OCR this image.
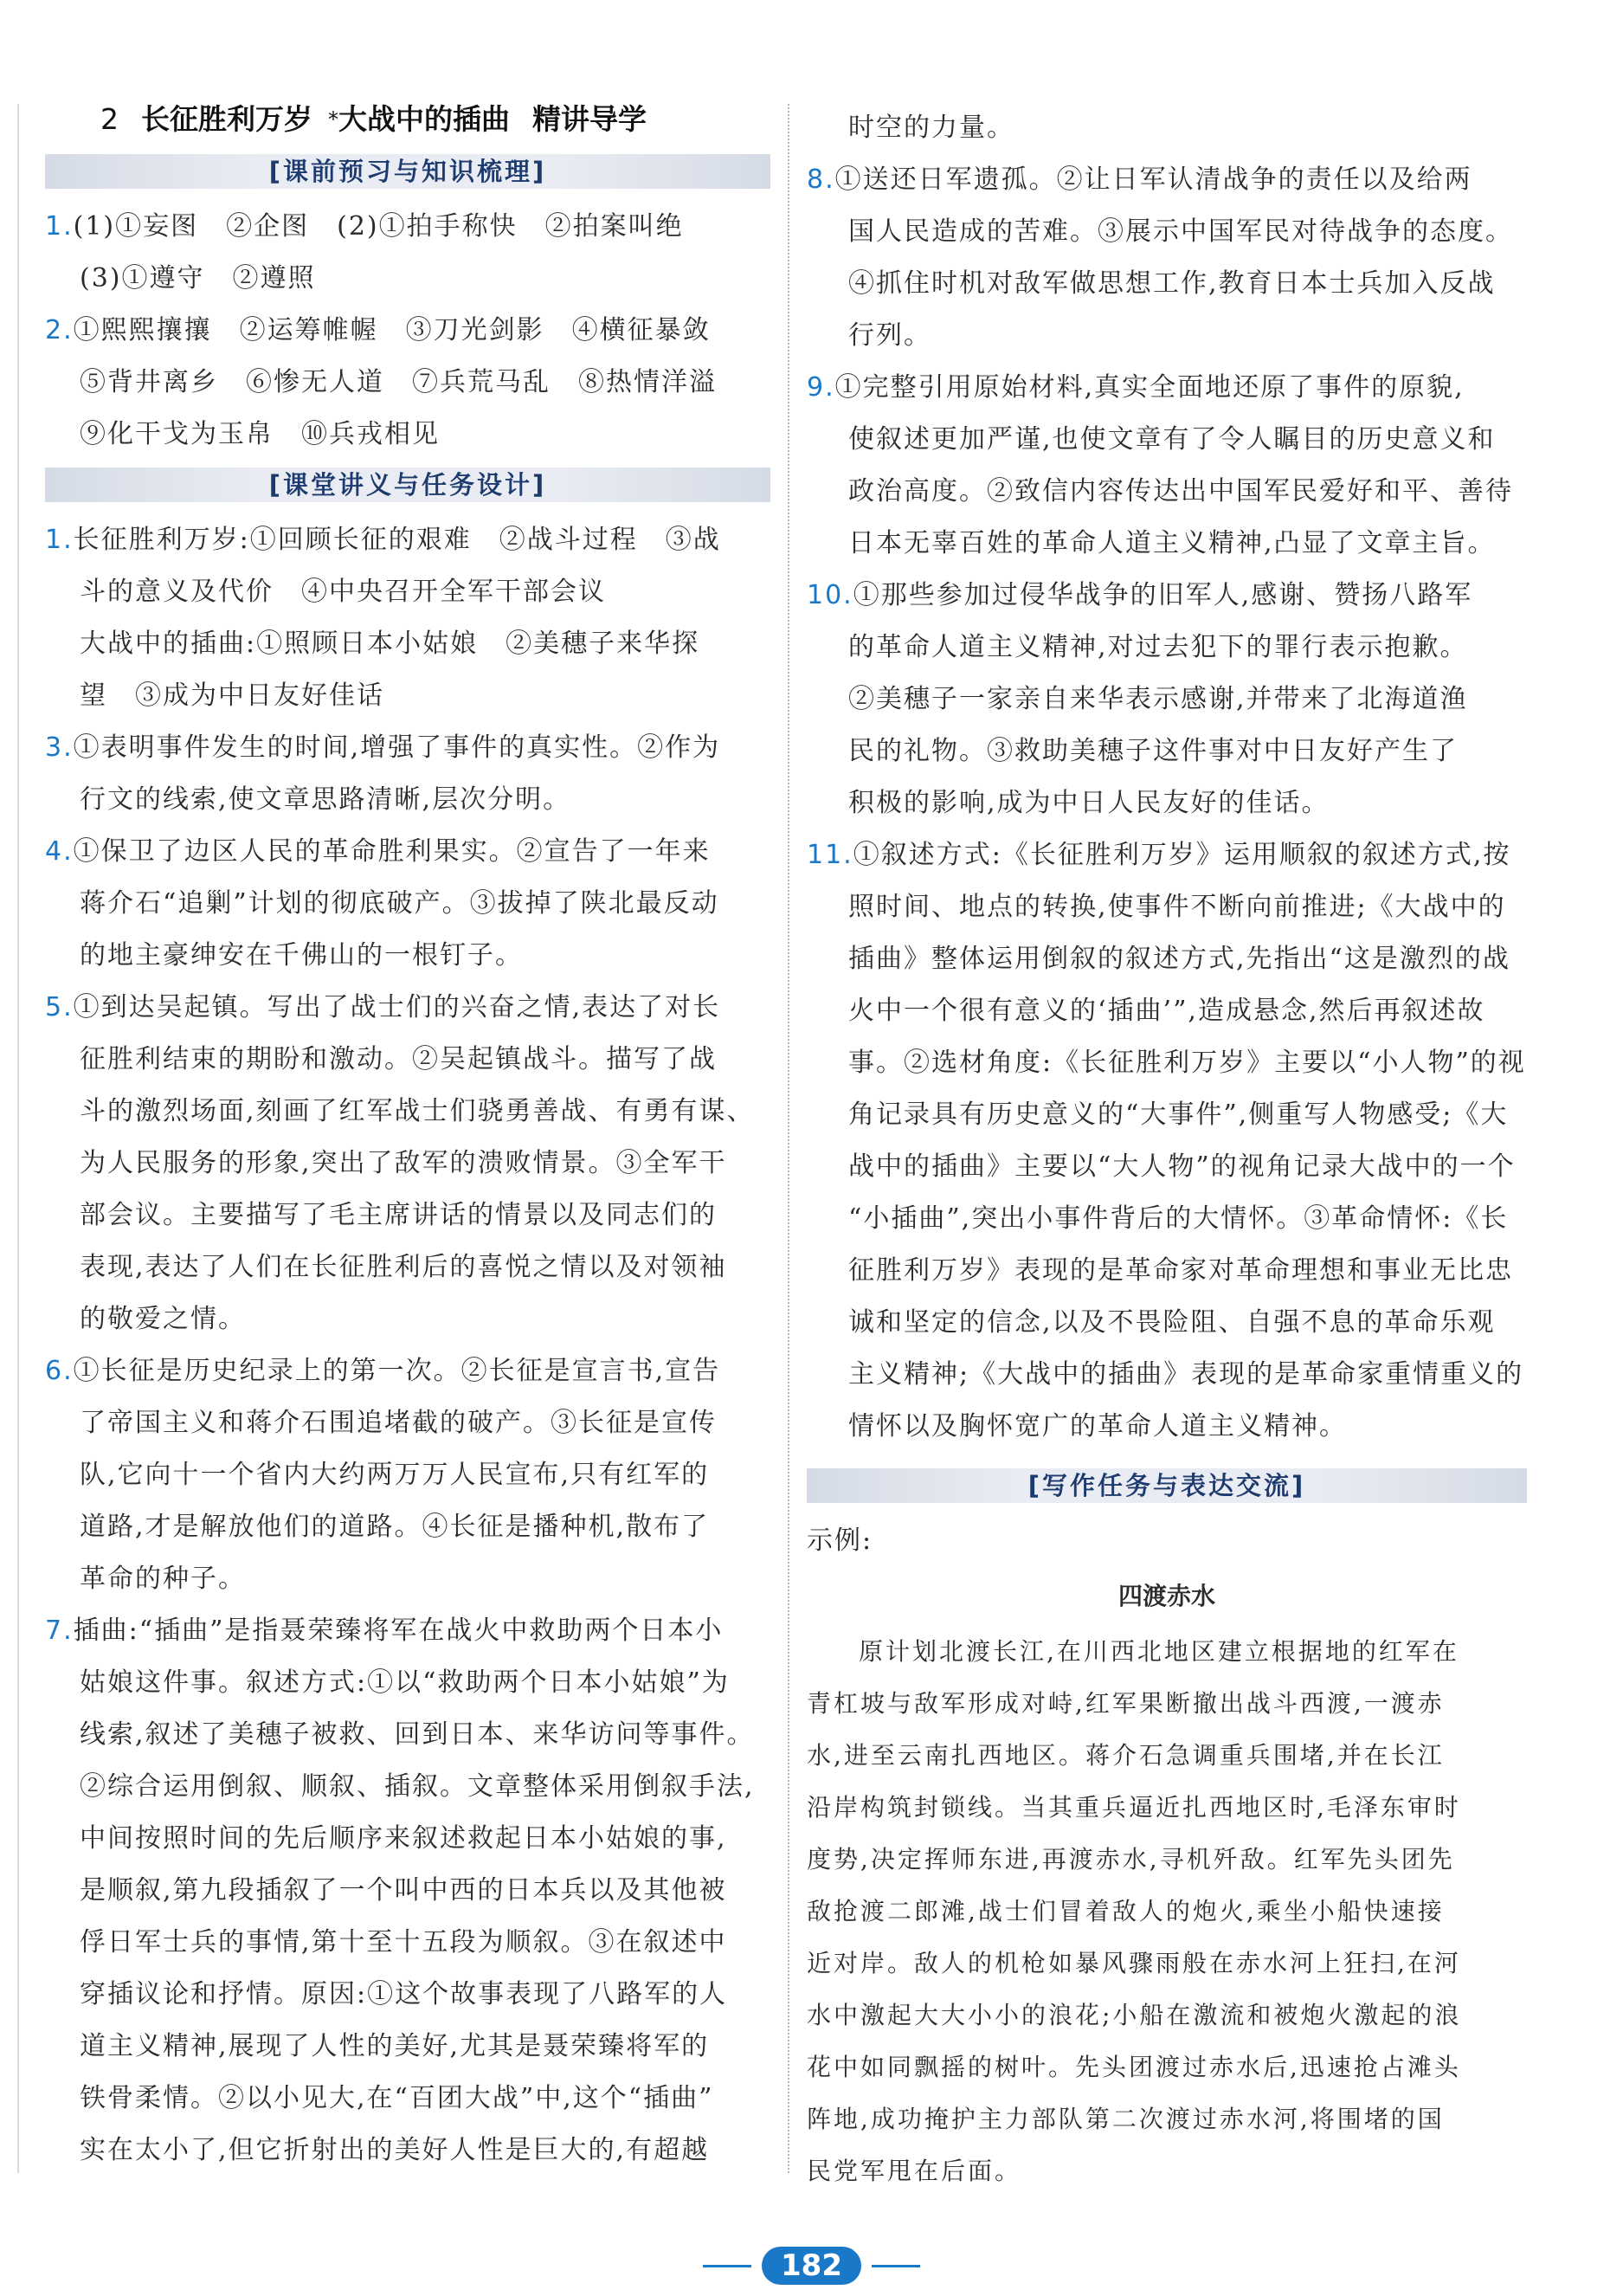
2 长征胜利万岁 *大战中的插曲 精讲导学
[课前预习与知识梳理]
1.(1)①妄图　②企图　(2)①拍手称快　②拍案叫绝
(3)①遵守　②遵照
2.①熙熙攘攘　②运筹帷幄　③刀光剑影　④横征暴敛
⑤背井离乡　⑥惨无人道　⑦兵荒马乱　⑧热情洋溢
⑨化干戈为玉帛　⑩兵戎相见
[课堂讲义与任务设计]
1.长征胜利万岁:①回顾长征的艰难　②战斗过程　③战
斗的意义及代价　④中央召开全军干部会议
大战中的插曲:①照顾日本小姑娘　②美穗子来华探
望　③成为中日友好佳话
3.①表明事件发生的时间,增强了事件的真实性。②作为
行文的线索,使文章思路清晰,层次分明。
4.①保卫了边区人民的革命胜利果实。②宣告了一年来
蒋介石“追剿”计划的彻底破产。③拔掉了陕北最反动
的地主豪绅安在千佛山的一根钉子。
5.①到达吴起镇。写出了战士们的兴奋之情,表达了对长
征胜利结束的期盼和激动。②吴起镇战斗。描写了战
斗的激烈场面,刻画了红军战士们骁勇善战、有勇有谋、
为人民服务的形象,突出了敌军的溃败情景。③全军干
部会议。主要描写了毛主席讲话的情景以及同志们的
表现,表达了人们在长征胜利后的喜悦之情以及对领袖
的敬爱之情。
6.①长征是历史纪录上的第一次。②长征是宣言书,宣告
了帝国主义和蒋介石围追堵截的破产。③长征是宣传
队,它向十一个省内大约两万万人民宣布,只有红军的
道路,才是解放他们的道路。④长征是播种机,散布了
革命的种子。
7.插曲:“插曲”是指聂荣臻将军在战火中救助两个日本小
姑娘这件事。叙述方式:①以“救助两个日本小姑娘”为
线索,叙述了美穗子被救、回到日本、来华访问等事件。
②综合运用倒叙、顺叙、插叙。文章整体采用倒叙手法,
中间按照时间的先后顺序来叙述救起日本小姑娘的事,
是顺叙,第九段插叙了一个叫中西的日本兵以及其他被
俘日军士兵的事情,第十至十五段为顺叙。③在叙述中
穿插议论和抒情。原因:①这个故事表现了八路军的人
道主义精神,展现了人性的美好,尤其是聂荣臻将军的
铁骨柔情。②以小见大,在“百团大战”中,这个“插曲”
实在太小了,但它折射出的美好人性是巨大的,有超越
时空的力量。
8.①送还日军遗孤。②让日军认清战争的责任以及给两
国人民造成的苦难。③展示中国军民对待战争的态度。
④抓住时机对敌军做思想工作,教育日本士兵加入反战
行列。
9.①完整引用原始材料,真实全面地还原了事件的原貌,
使叙述更加严谨,也使文章有了令人瞩目的历史意义和
政治高度。②致信内容传达出中国军民爱好和平、善待
日本无辜百姓的革命人道主义精神,凸显了文章主旨。
10.①那些参加过侵华战争的旧军人,感谢、赞扬八路军
的革命人道主义精神,对过去犯下的罪行表示抱歉。
②美穗子一家亲自来华表示感谢,并带来了北海道渔
民的礼物。③救助美穗子这件事对中日友好产生了
积极的影响,成为中日人民友好的佳话。
11.①叙述方式:《长征胜利万岁》运用顺叙的叙述方式,按
照时间、地点的转换,使事件不断向前推进;《大战中的
插曲》整体运用倒叙的叙述方式,先指出“这是激烈的战
火中一个很有意义的‘插曲’”,造成悬念,然后再叙述故
事。②选材角度:《长征胜利万岁》主要以“小人物”的视
角记录具有历史意义的“大事件”,侧重写人物感受;《大
战中的插曲》主要以“大人物”的视角记录大战中的一个
“小插曲”,突出小事件背后的大情怀。③革命情怀:《长
征胜利万岁》表现的是革命家对革命理想和事业无比忠
诚和坚定的信念,以及不畏险阻、自强不息的革命乐观
主义精神;《大战中的插曲》表现的是革命家重情重义的
情怀以及胸怀宽广的革命人道主义精神。
[写作任务与表达交流]
示例:
四渡赤水
原计划北渡长江,在川西北地区建立根据地的红军在
青杠坡与敌军形成对峙,红军果断撤出战斗西渡,一渡赤
水,进至云南扎西地区。蒋介石急调重兵围堵,并在长江
沿岸构筑封锁线。当其重兵逼近扎西地区时,毛泽东审时
度势,决定挥师东进,再渡赤水,寻机歼敌。红军先头团先
敌抢渡二郎滩,战士们冒着敌人的炮火,乘坐小船快速接
近对岸。敌人的机枪如暴风骤雨般在赤水河上狂扫,在河
水中激起大大小小的浪花;小船在激流和被炮火激起的浪
花中如同飘摇的树叶。先头团渡过赤水后,迅速抢占滩头
阵地,成功掩护主力部队第二次渡过赤水河,将围堵的国
民党军甩在后面。
182
